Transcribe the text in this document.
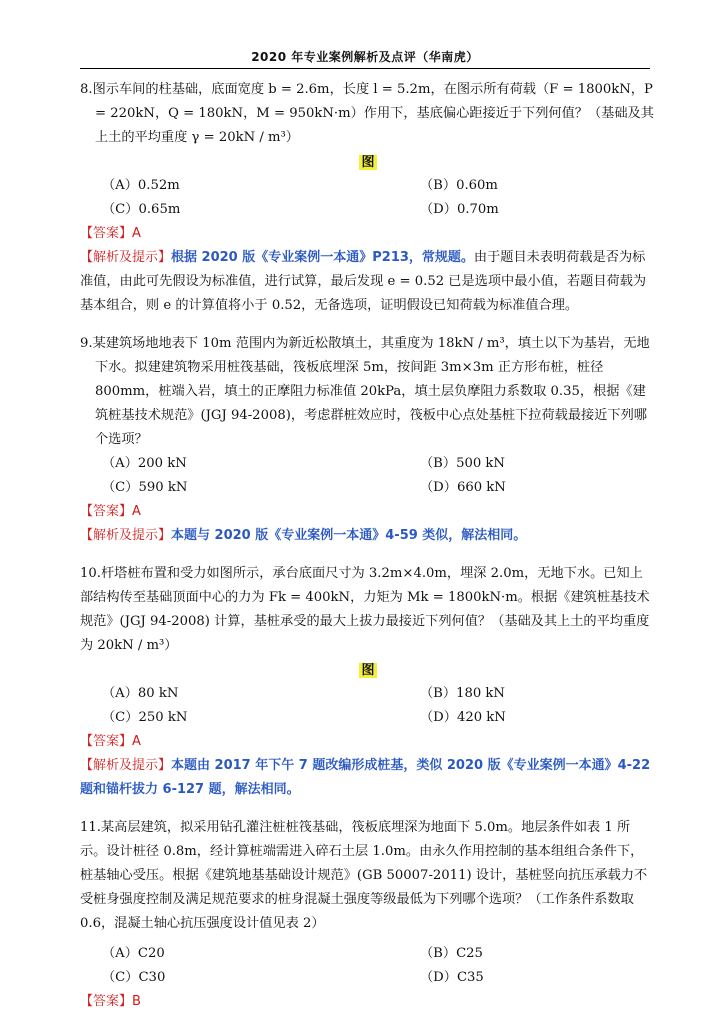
2020 年专业案例解析及点评（华南虎）
8.图示车间的柱基础，底面宽度 b = 2.6m，长度 l = 5.2m，在图示所有荷载（F = 1800kN，P = 220kN，Q = 180kN，M = 950kN·m）作用下，基底偏心距接近于下列何值？（基础及其上土的平均重度 γ = 20kN / m³）
图
（A）0.52m	（B）0.60m
（C）0.65m	（D）0.70m
【答案】A
【解析及提示】根据 2020 版《专业案例一本通》P213，常规题。由于题目未表明荷载是否为标准值，由此可先假设为标准值，进行试算，最后发现 e = 0.52 已是选项中最小值，若题目荷载为基本组合，则 e 的计算值将小于 0.52，无备选项，证明假设已知荷载为标准值合理。
9.某建筑场地地表下 10m 范围内为新近松散填土，其重度为 18kN / m³，填土以下为基岩，无地下水。拟建建筑物采用桩筏基础，筏板底埋深 5m，按间距 3m×3m 正方形布桩，桩径 800mm，桩端入岩，填土的正摩阻力标准值 20kPa，填土层负摩阻力系数取 0.35，根据《建筑桩基技术规范》(JGJ 94-2008)，考虑群桩效应时，筏板中心点处基桩下拉荷载最接近下列哪个选项？
（A）200 kN	（B）500 kN
（C）590 kN	（D）660 kN
【答案】A
【解析及提示】本题与 2020 版《专业案例一本通》4-59 类似，解法相同。
10.杆塔桩布置和受力如图所示，承台底面尺寸为 3.2m×4.0m，埋深 2.0m，无地下水。已知上部结构传至基础顶面中心的力为 Fk = 400kN，力矩为 Mk = 1800kN·m。根据《建筑桩基技术规范》(JGJ 94-2008) 计算，基桩承受的最大上拔力最接近下列何值？（基础及其上土的平均重度为 20kN / m³）
图
（A）80 kN	（B）180 kN
（C）250 kN	（D）420 kN
【答案】A
【解析及提示】本题由 2017 年下午 7 题改编形成桩基，类似 2020 版《专业案例一本通》4-22 题和锚杆拔力 6-127 题，解法相同。
11.某高层建筑，拟采用钻孔灌注桩桩筏基础，筏板底埋深为地面下 5.0m。地层条件如表 1 所示。设计桩径 0.8m，经计算桩端需进入碎石土层 1.0m。由永久作用控制的基本组组合条件下，桩基轴心受压。根据《建筑地基基础设计规范》(GB 50007-2011) 设计，基桩竖向抗压承载力不受桩身强度控制及满足规范要求的桩身混凝土强度等级最低为下列哪个选项？（工作条件系数取 0.6，混凝土轴心抗压强度设计值见表 2）
（A）C20	（B）C25
（C）C30	（D）C35
【答案】B
